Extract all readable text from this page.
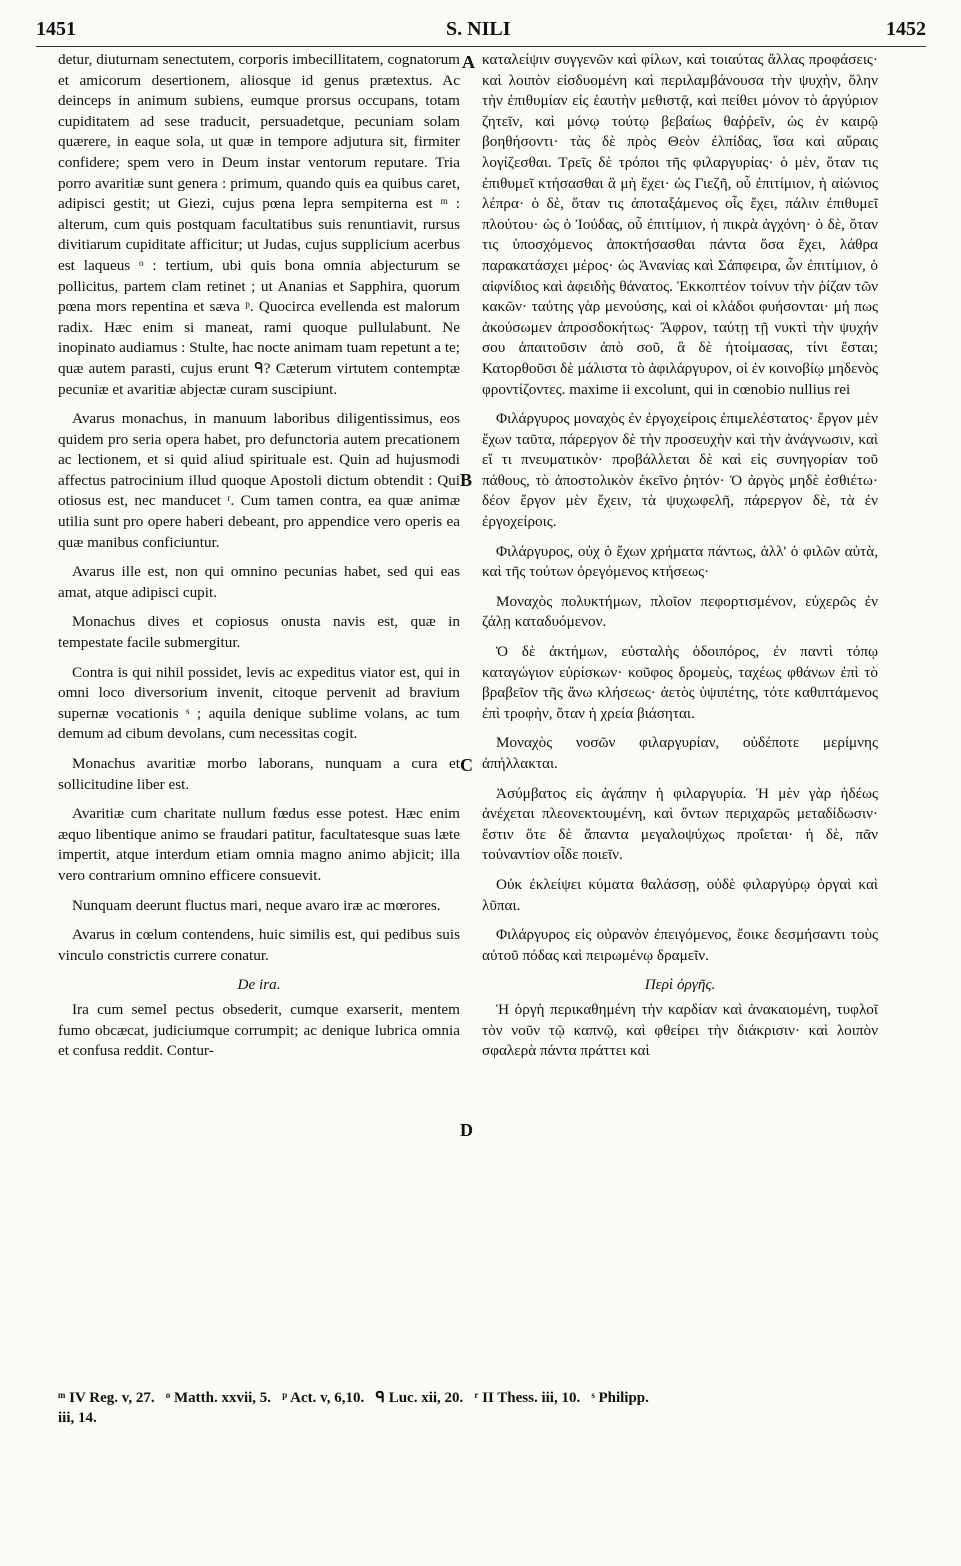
1451	S. NILI	1452
A
B
C
D

detur, diuturnam senectutem, corporis imbecillitatem, cognatorum et amicorum desertionem, aliosque id genus prætextus. Ac deinceps in animum subiens, eumque prorsus occupans, totam cupiditatem ad sese traducit, persuadetque, pecuniam solam quærere, in eaque sola, ut quæ in tempore adjutura sit, firmiter confidere; spem vero in Deum instar ventorum reputare. Tria porro avaritiæ sunt genera : primum, quando quis ea quibus caret, adipisci gestit; ut Giezi, cujus pœna lepra sempiterna est ᵐ : alterum, cum quis postquam facultatibus suis renuntiavit, rursus divitiarum cupiditate afficitur; ut Judas, cujus supplicium acerbus est laqueus ᵒ : tertium, ubi quis bona omnia abjecturum se pollicitus, partem clam retinet ; ut Ananias et Sapphira, quorum pœna mors repentina et sæva ᵖ. Quocirca evellenda est malorum radix. Hæc enim si maneat, rami quoque pullulabunt. Ne inopinato audiamus : Stulte, hac nocte animam tuam repetunt a te; quæ autem parasti, cujus erunt ᑫ? Cæterum virtutem contemptæ pecuniæ et avaritiæ abjectæ curam suscipiunt.

Avarus monachus, in manuum laboribus diligentissimus, eos quidem pro seria opera habet, pro defunctoria autem precationem ac lectionem, et si quid aliud spirituale est. Quin ad hujusmodi affectus patrocinium illud quoque Apostoli dictum obtendit : Qui otiosus est, nec manducet ʳ. Cum tamen contra, ea quæ animæ utilia sunt pro opere haberi debeant, pro appendice vero operis ea quæ manibus conficiuntur.

Avarus ille est, non qui omnino pecunias habet, sed qui eas amat, atque adipisci cupit.

Monachus dives et copiosus onusta navis est, quæ in tempestate facile submergitur.

Contra is qui nihil possidet, levis ac expeditus viator est, qui in omni loco diversorium invenit, citoque pervenit ad bravium supernæ vocationis ˢ ; aquila denique sublime volans, ac tum demum ad cibum devolans, cum necessitas cogit.

Monachus avaritiæ morbo laborans, nunquam a cura et sollicitudine liber est.

Avaritiæ cum charitate nullum fœdus esse potest. Hæc enim æquo libentique animo se fraudari patitur, facultatesque suas læte impertit, atque interdum etiam omnia magno animo abjicit; illa vero contrarium omnino efficere consuevit.

Nunquam deerunt fluctus mari, neque avaro iræ ac mœrores.

Avarus in cœlum contendens, huic similis est, qui pedibus suis vinculo constrictis currere conatur.

De ira.

Ira cum semel pectus obsederit, cumque exarserit, mentem fumo obcæcat, judiciumque corrumpit; ac denique lubrica omnia et confusa reddit. Contur-

καταλείψιν συγγενῶν καὶ φίλων, καὶ τοιαύτας ἄλλας προφάσεις· καὶ λοιπὸν εἰσδυομένη καὶ περιλαμβάνουσα τὴν ψυχὴν, ὅλην τὴν ἐπιθυμίαν εἰς ἑαυτὴν μεθιστᾷ, καὶ πείθει μόνον τὸ ἀργύριον ζητεῖν, καὶ μόνῳ τούτῳ βεβαίως θαῤῥεῖν, ὡς ἐν καιρῷ βοηθήσοντι· τὰς δὲ πρὸς Θεὸν ἐλπίδας, ἴσα καὶ αὔραις λογίζεσθαι. Τρεῖς δὲ τρόποι τῆς φιλαργυρίας· ὁ μὲν, ὅταν τις ἐπιθυμεῖ κτήσασθαι ἃ μὴ ἔχει· ὡς Γιεζῆ, οὗ ἐπιτίμιον, ἡ αἰώνιος λέπρα· ὁ δὲ, ὅταν τις ἀποταξάμενος οἷς ἔχει, πάλιν ἐπιθυμεῖ πλούτου· ὡς ὁ Ἰούδας, οὗ ἐπιτίμιον, ἡ πικρὰ ἀγχόνη· ὁ δὲ, ὅταν τις ὑποσχόμενος ἀποκτήσασθαι πάντα ὅσα ἔχει, λάθρα παρακατάσχει μέρος· ὡς Ἀνανίας καὶ Σάπφειρα, ὧν ἐπιτίμιον, ὁ αἰφνίδιος καὶ ἀφειδὴς θάνατος. Ἐκκοπτέον τοίνυν τὴν ῥίζαν τῶν κακῶν· ταύτης γὰρ μενούσης, καὶ οἱ κλάδοι φυήσονται· μή πως ἀκούσωμεν ἀπροσδοκήτως· Ἄφρον, ταύτῃ τῇ νυκτὶ τὴν ψυχήν σου ἀπαιτοῦσιν ἀπὸ σοῦ, ἃ δὲ ἡτοίμασας, τίνι ἔσται; Κατορθοῦσι δὲ μάλιστα τὸ ἀφιλάργυρον, οἱ ἐν κοινοβίῳ μηδενὸς φροντίζοντες. maxime ii excolunt, qui in cœnobio nullius rei

Φιλάργυρος μοναχὸς ἐν ἐργοχείροις ἐπιμελέστατος· ἔργον μὲν ἔχων ταῦτα, πάρεργον δὲ τὴν προσευχὴν καὶ τὴν ἀνάγνωσιν, καὶ εἴ τι πνευματικὸν· προβάλλεται δὲ καὶ εἰς συνηγορίαν τοῦ πάθους, τὸ ἀποστολικὸν ἐκεῖνο ῥητόν· Ὁ ἀργὸς μηδὲ ἐσθιέτω· δέον ἔργον μὲν ἔχειν, τὰ ψυχωφελῆ, πάρεργον δὲ, τὰ ἐν ἐργοχείροις.

Φιλάργυρος, οὐχ ὁ ἔχων χρήματα πάντως, ἀλλ' ὁ φιλῶν αὐτὰ, καὶ τῆς τούτων ὀρεγόμενος κτήσεως·

Μοναχὸς πολυκτήμων, πλοῖον πεφορτισμένον, εὐχερῶς ἐν ζάλῃ καταδυόμενον.

Ὁ δὲ ἀκτήμων, εὐσταλὴς ὁδοιπόρος, ἐν παντὶ τόπῳ καταγώγιον εὑρίσκων· κοῦφος δρομεὺς, ταχέως φθάνων ἐπὶ τὸ βραβεῖον τῆς ἄνω κλήσεως· ἀετὸς ὑψιπέτης, τότε καθιπτάμενος ἐπὶ τροφὴν, ὅταν ἡ χρεία βιάσηται.

Μοναχὸς νοσῶν φιλαργυρίαν, οὐδέποτε μερίμνης ἀπήλλακται.

Ἀσύμβατος εἰς ἀγάπην ἡ φιλαργυρία. Ἡ μὲν γὰρ ἡδέως ἀνέχεται πλεονεκτουμένη, καὶ ὄντων περιχαρῶς μεταδίδωσιν· ἔστιν ὅτε δὲ ἅπαντα μεγαλοψύχως προΐεται· ἡ δὲ, πᾶν τοὐναντίον οἶδε ποιεῖν.

Οὐκ ἐκλείψει κύματα θαλάσσῃ, οὐδὲ φιλαργύρῳ ὀργαὶ καὶ λῦπαι.

Φιλάργυρος εἰς οὐρανὸν ἐπειγόμενος, ἔοικε δεσμήσαντι τοὺς αὐτοῦ πόδας καὶ πειρωμένῳ δραμεῖν.

Περὶ ὀργῆς.

Ἡ ὀργὴ περικαθημένη τὴν καρδίαν καὶ ἀνακαιομένη, τυφλοῖ τὸν νοῦν τῷ καπνῷ, καὶ φθείρει τὴν διάκρισιν· καὶ λοιπὸν σφαλερὰ πάντα πράττει καὶ

ᵐ IV Reg. v, 27.   ᵒ Matth. xxvii, 5.   ᵖ Act. v, 6,10.   ᑫ Luc. xii, 20.   ʳ II Thess. iii, 10.   ˢ Philipp.
iii, 14.
